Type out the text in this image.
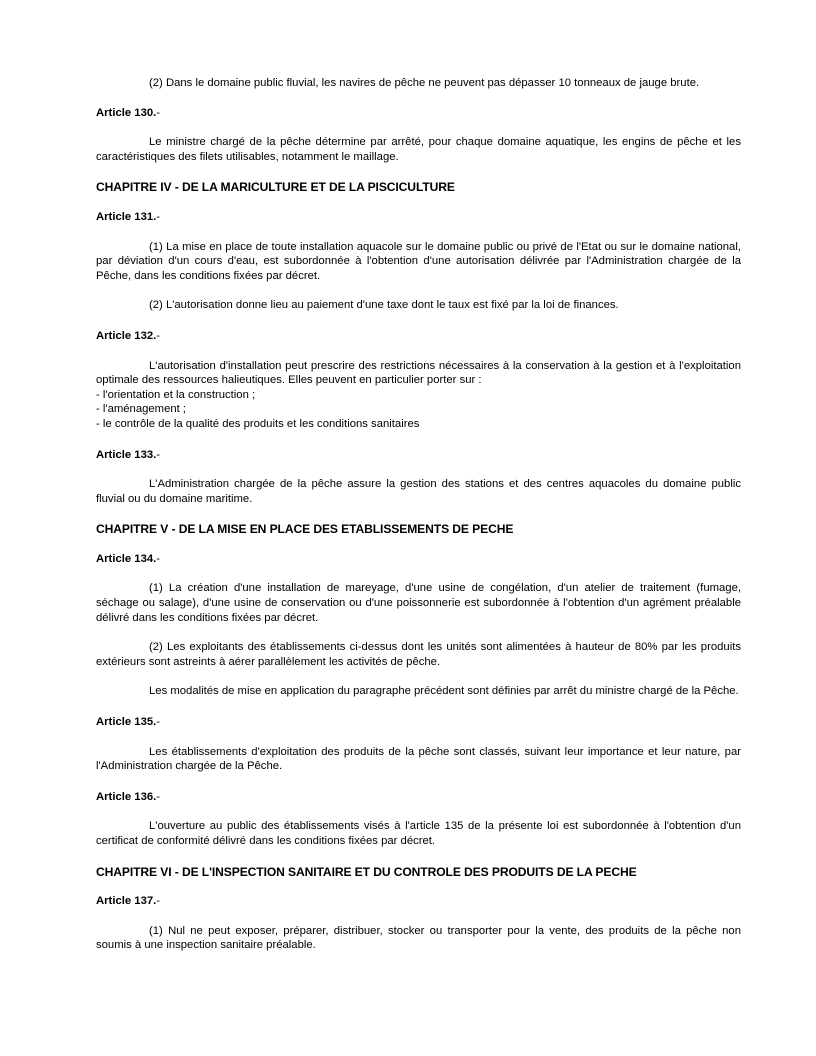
(2) Dans le domaine public fluvial, les navires de pêche ne peuvent pas dépasser 10 tonneaux de jauge brute.

Article 130.-

Le ministre chargé de la pêche détermine par arrêté, pour chaque domaine aquatique, les engins de pêche et les caractéristiques des filets utilisables, notamment le maillage.

CHAPITRE IV - DE LA MARICULTURE ET DE LA PISCICULTURE

Article 131.-

(1) La mise en place de toute installation aquacole sur le domaine public ou privé de l'Etat ou sur le domaine national, par déviation d'un cours d'eau, est subordonnée à l'obtention d'une autorisation délivrée par l'Administration chargée de la Pêche, dans les conditions fixées par décret.

(2) L'autorisation donne lieu au paiement d'une taxe dont le taux est fixé par la loi de finances.

Article 132.-

L'autorisation d'installation peut prescrire des restrictions nécessaires à la conservation à la gestion et à l'exploitation optimale des ressources halieutiques. Elles peuvent en particulier porter sur :

- l'orientation et la construction ;

- l'aménagement ;

- le contrôle de la qualité des produits et les conditions sanitaires

Article 133.-

L'Administration chargée de la pêche assure la gestion des stations et des centres aquacoles du domaine public fluvial ou du domaine maritime.

CHAPITRE V - DE LA MISE EN PLACE DES ETABLISSEMENTS DE PECHE

Article 134.-

(1) La création d'une installation de mareyage, d'une usine de congélation, d'un atelier de traitement (fumage, séchage ou salage), d'une usine de conservation ou d'une poissonnerie est subordonnée à l'obtention d'un agrément préalable délivré dans les conditions fixées par décret.

(2) Les exploitants des établissements ci-dessus dont les unités sont alimentées à hauteur de 80% par les produits extérieurs sont astreints à aérer parallèlement les activités de pêche.

Les modalités de mise en application du paragraphe précédent sont définies par arrêt du ministre chargé de la Pêche.

Article 135.-

Les établissements d'exploitation des produits de la pêche sont classés, suivant leur importance et leur nature, par l'Administration chargée de la Pêche.

Article 136.-

L'ouverture au public des établissements visés à l'article 135 de la présente loi est subordonnée à l'obtention d'un certificat de conformité délivré dans les conditions fixées par décret.

CHAPITRE VI - DE L'INSPECTION SANITAIRE ET DU CONTROLE DES PRODUITS DE LA PECHE

Article 137.-

(1) Nul ne peut exposer, préparer, distribuer, stocker ou transporter pour la vente, des produits de la pêche non soumis à une inspection sanitaire préalable.
